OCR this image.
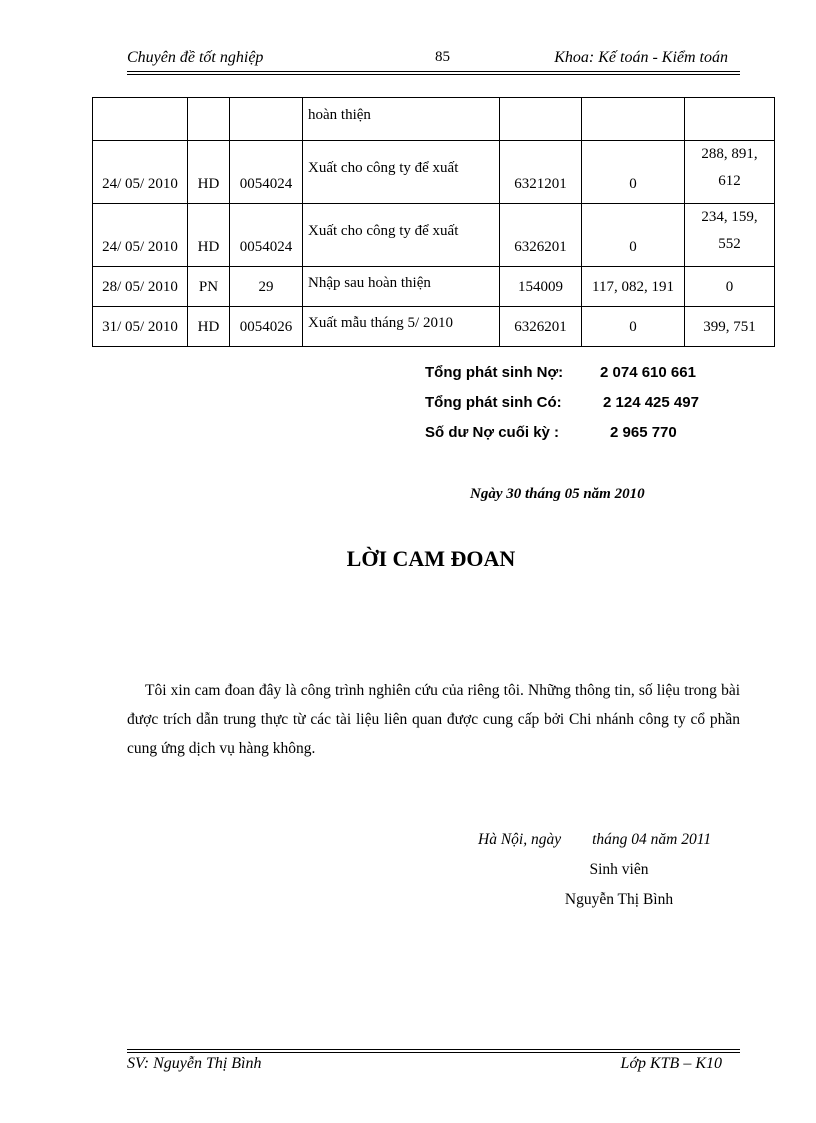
Chuyên đề tốt nghiệp	85	Khoa: Kế toán - Kiểm toán
			hoàn thiện			
24/ 05/ 2010	HD	0054024	Xuất cho công ty để xuất	6321201	0	288, 891, 612
24/ 05/ 2010	HD	0054024	Xuất cho công ty để xuất	6326201	0	234, 159, 552
28/ 05/ 2010	PN	29	Nhập sau hoàn thiện	154009	117, 082, 191	0
31/ 05/ 2010	HD	0054026	Xuất mẫu tháng 5/ 2010	6326201	0	399, 751
Tổng phát sinh Nợ: 2 074 610 661
Tổng phát sinh Có:	2 124 425 497
Số dư Nợ cuối kỳ :	2 965 770
Ngày 30 tháng 05 năm 2010
LỜI CAM ĐOAN
Tôi xin cam đoan đây là công trình nghiên cứu của riêng tôi. Những thông tin, số liệu trong bài được trích dẫn trung thực từ các tài liệu liên quan được cung cấp bởi Chi nhánh công ty cổ phần cung ứng dịch vụ hàng không.
Hà Nội, ngày        tháng 04 năm 2011
Sinh viên
Nguyễn Thị Bình
SV: Nguyễn Thị Bình	Lớp KTB – K10
